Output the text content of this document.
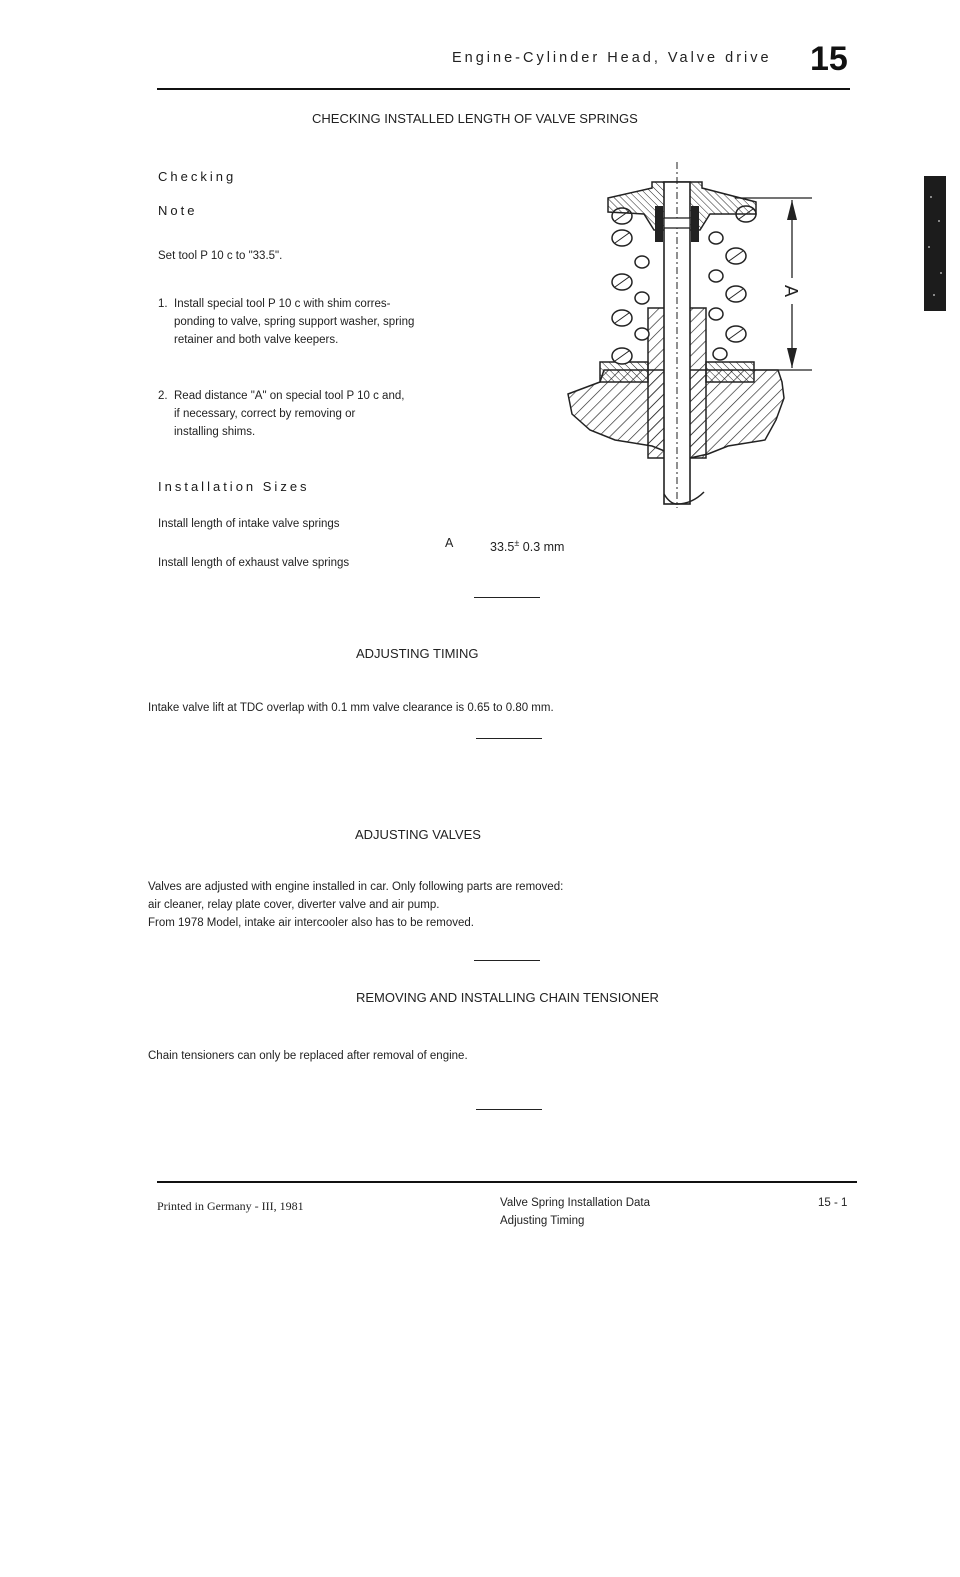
Engine-Cylinder Head, Valve drive 15
CHECKING INSTALLED LENGTH OF VALVE SPRINGS
Checking
Note
Set tool P 10 c to "33.5".
1. Install special tool P 10 c with shim corres-
ponding to valve, spring support washer, spring
retainer and both valve keepers.
2. Read distance "A" on special tool P 10 c and,
if necessary, correct by removing or
installing shims.
Installation Sizes
Install length of intake valve springs
Install length of exhaust valve springs
A	33.5± 0.3 mm
A
ADJUSTING TIMING
Intake valve lift at TDC overlap with 0.1 mm valve clearance is 0.65 to 0.80 mm.
ADJUSTING VALVES
Valves are adjusted with engine installed in car. Only following parts are removed:
air cleaner, relay plate cover, diverter valve and air pump.
From 1978 Model, intake air intercooler also has to be removed.
REMOVING AND INSTALLING CHAIN TENSIONER
Chain tensioners can only be replaced after removal of engine.
Printed in Germany - III, 1981	Valve Spring Installation Data
Adjusting Timing
15 - 1
